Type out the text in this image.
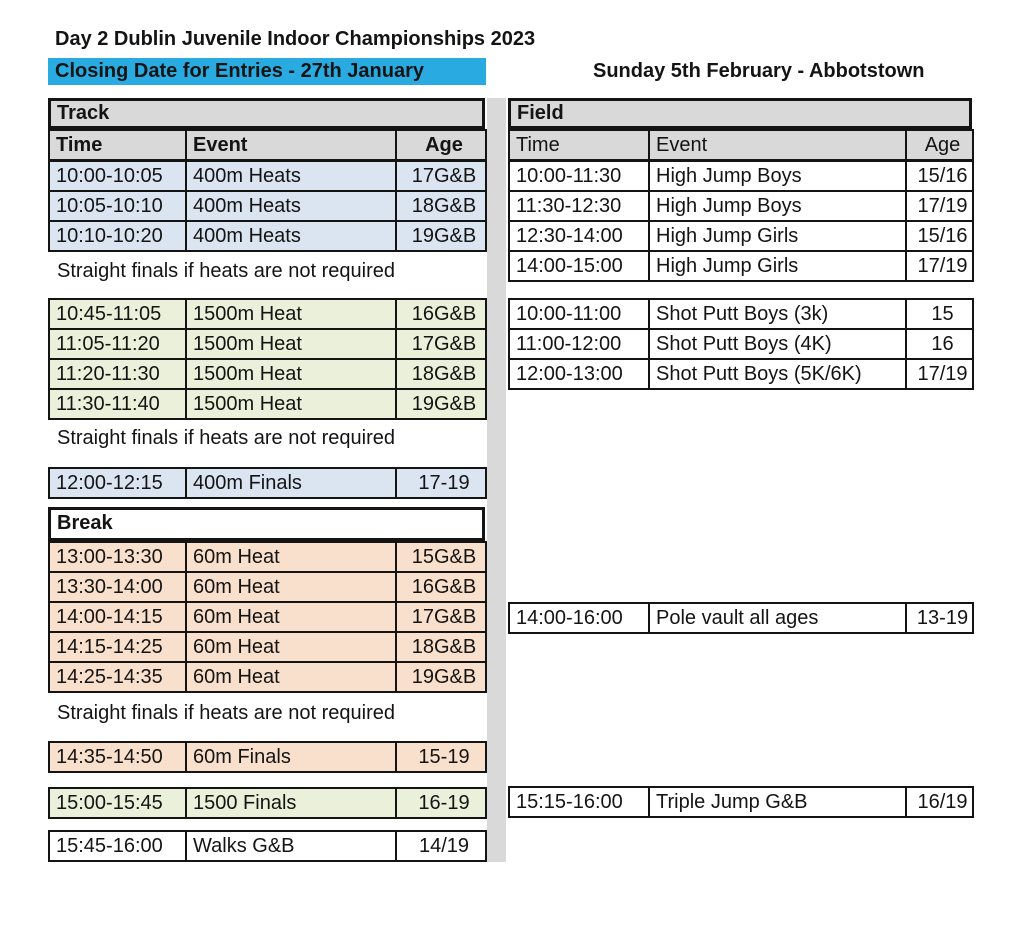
Day 2 Dublin Juvenile Indoor Championships 2023
Closing Date for Entries - 27th January	Sunday 5th February - Abbotstown
Track
Time	Event	Age
10:00-10:05	400m Heats	17G&B
10:05-10:10	400m Heats	18G&B
10:10-10:20	400m Heats	19G&B
Straight finals if heats are not required
10:45-11:05	1500m Heat	16G&B
11:05-11:20	1500m Heat	17G&B
11:20-11:30	1500m Heat	18G&B
11:30-11:40	1500m Heat	19G&B
Straight finals if heats are not required
12:00-12:15	400m Finals	17-19
Break
13:00-13:30	60m Heat	15G&B
13:30-14:00	60m Heat	16G&B
14:00-14:15	60m Heat	17G&B
14:15-14:25	60m Heat	18G&B
14:25-14:35	60m Heat	19G&B
Straight finals if heats are not required
14:35-14:50	60m Finals	15-19
15:00-15:45	1500 Finals	16-19
15:45-16:00	Walks G&B	14/19
Field
Time	Event	Age
10:00-11:30	High Jump Boys	15/16
11:30-12:30	High Jump Boys	17/19
12:30-14:00	High Jump Girls	15/16
14:00-15:00	High Jump Girls	17/19
10:00-11:00	Shot Putt Boys (3k)	15
11:00-12:00	Shot Putt Boys (4K)	16
12:00-13:00	Shot Putt Boys (5K/6K)	17/19
14:00-16:00	Pole vault all ages	13-19
15:15-16:00	Triple Jump G&B	16/19
